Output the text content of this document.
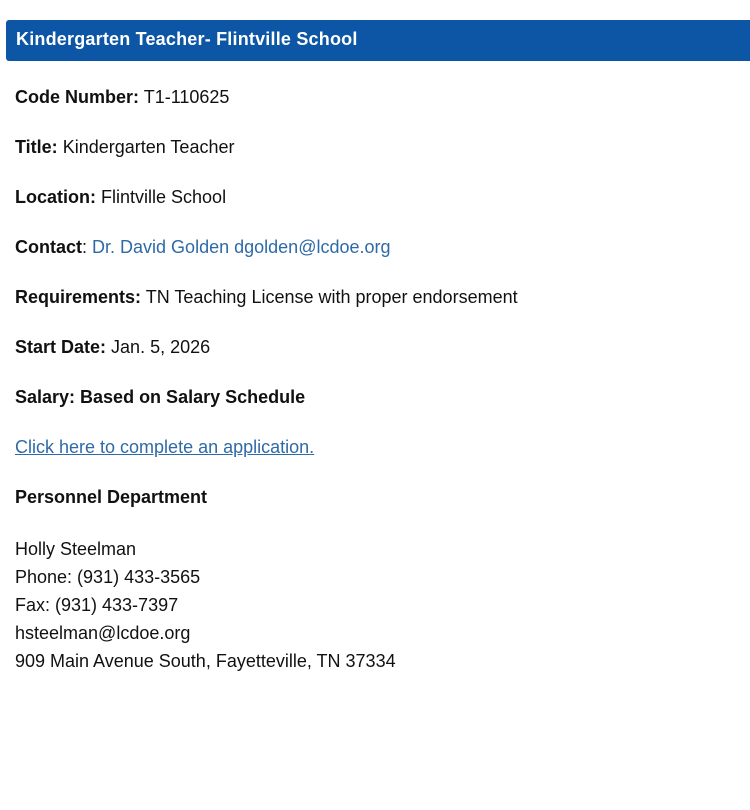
Kindergarten Teacher- Flintville School
Code Number: T1-110625
Title: Kindergarten Teacher
Location: Flintville School
Contact: Dr. David Golden dgolden@lcdoe.org
Requirements: TN Teaching License with proper endorsement
Start Date: Jan. 5, 2026
Salary: Based on Salary Schedule
Click here to complete an application.
Personnel Department
Holly Steelman
Phone: (931) 433-3565
Fax: (931) 433-7397
hsteelman@lcdoe.org
909 Main Avenue South, Fayetteville, TN 37334
